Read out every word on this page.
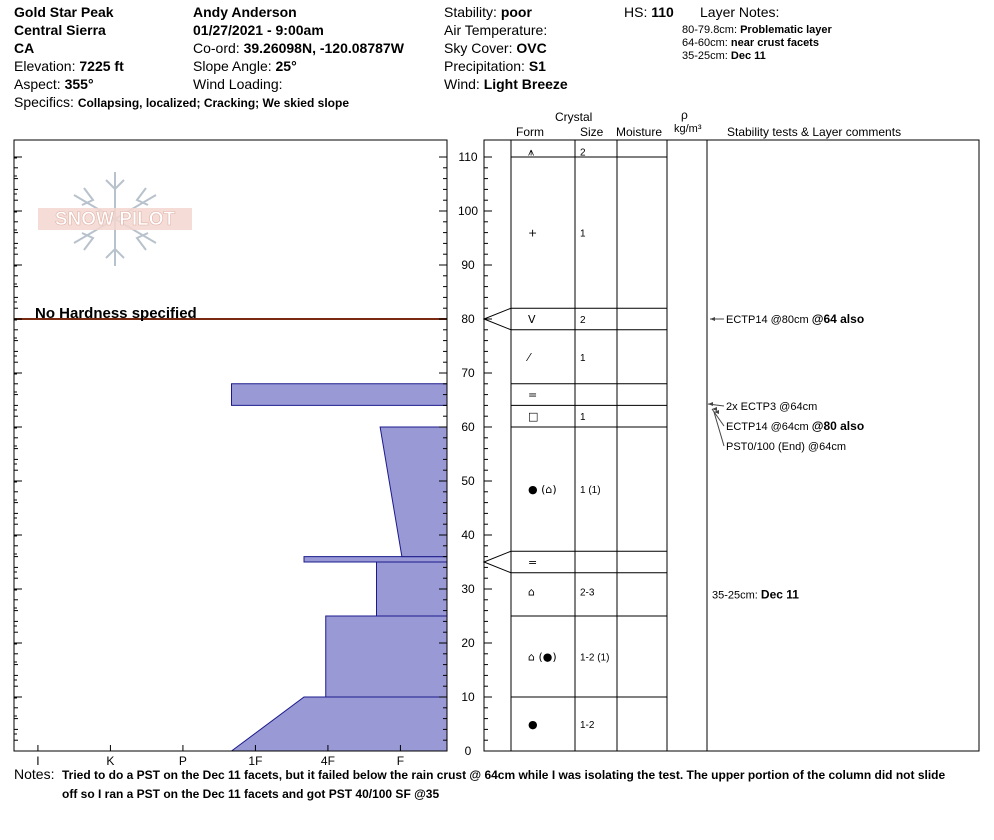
Gold Star Peak
Central Sierra
CA
Elevation: 7225 ft
Aspect: 355°
Specifics: Collapsing, localized; Cracking; We skied slope
Andy Anderson
01/27/2021 - 9:00am
Co-ord: 39.26098N, -120.08787W
Slope Angle: 25°
Wind Loading:
Stability: poor
Air Temperature:
Sky Cover: OVC
Precipitation: S1
Wind: Light Breeze
HS: 110 Layer Notes:
80-79.8cm: Problematic layer
64-60cm: near crust facets
35-25cm: Dec 11
Crystal
Form	Size Moisture
ρ
kg/m³ Stability tests & Layer comments
SNOW PILOT
0
10
20
30
40
50
60
70
80
90
100
110
I	K	P	1F	4F	F
⩚	2
+	1
V	2
⁄	1
=
□	1
● (⌂) 1 (1)
=
⌂	2-3
⌂ (●) 1-2 (1)
●	1-2
ECTP14 @80cm @64 also
2x ECTP3 @64cm
ECTP14 @64cm @80 also
PST0/100 (End) @64cm
35-25cm: Dec 11
No Hardness specified
Notes: Tried to do a PST on the Dec 11 facets, but it failed below the rain crust @ 64cm while I was isolating the test. The upper portion of the column did not slide
off so I ran a PST on the Dec 11 facets and got PST 40/100 SF @35
